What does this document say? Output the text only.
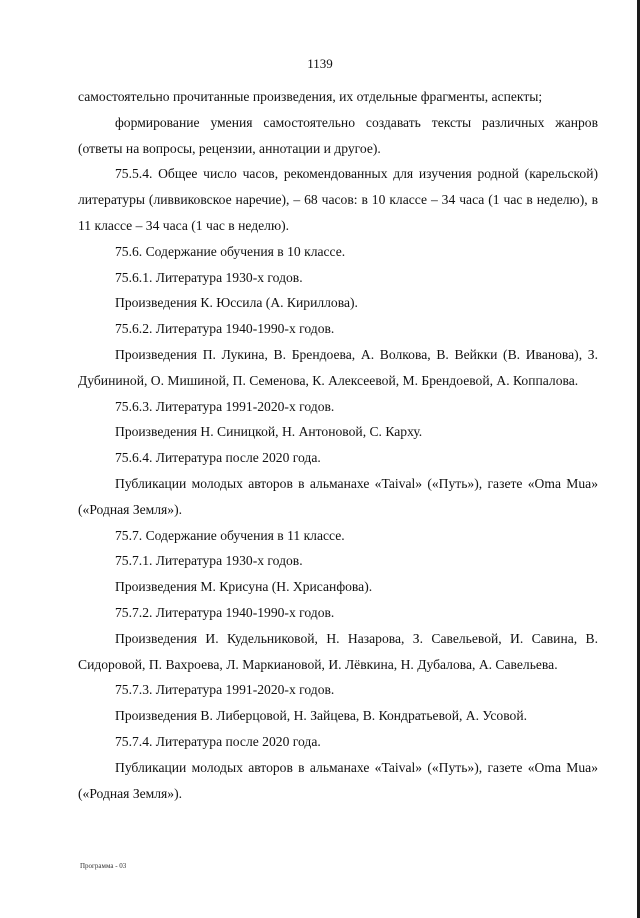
1139

самостоятельно прочитанные произведения, их отдельные фрагменты, аспекты;

формирование умения самостоятельно создавать тексты различных жанров (ответы на вопросы, рецензии, аннотации и другое).

75.5.4. Общее число часов, рекомендованных для изучения родной (карельской) литературы (ливвиковское наречие), – 68 часов: в 10 классе – 34 часа (1 час в неделю), в 11 классе – 34 часа (1 час в неделю).

75.6. Содержание обучения в 10 классе.

75.6.1. Литература 1930-х годов.

Произведения К. Юссила (А. Кириллова).

75.6.2. Литература 1940-1990-х годов.

Произведения П. Лукина, В. Брендоева, А. Волкова, В. Вейкки (В. Иванова), З. Дубининой, О. Мишиной, П. Семенова, К. Алексеевой, М. Брендоевой, А. Коппалова.

75.6.3. Литература 1991-2020-х годов.

Произведения Н. Синицкой, Н. Антоновой, С. Карху.

75.6.4. Литература после 2020 года.

Публикации молодых авторов в альманахе «Taival» («Путь»), газете «Oma Mua» («Родная Земля»).

75.7. Содержание обучения в 11 классе.

75.7.1. Литература 1930-х годов.

Произведения М. Крисуна (Н. Хрисанфова).

75.7.2. Литература 1940-1990-х годов.

Произведения И. Кудельниковой, Н. Назарова, З. Савельевой, И. Савина, В. Сидоровой, П. Вахроева, Л. Маркиановой, И. Лёвкина, Н. Дубалова, А. Савельева.

75.7.3. Литература 1991-2020-х годов.

Произведения В. Либерцовой, Н. Зайцева, В. Кондратьевой, А. Усовой.

75.7.4. Литература после 2020 года.

Публикации молодых авторов в альманахе «Taival» («Путь»), газете «Oma Mua» («Родная Земля»).

Программа - 03
